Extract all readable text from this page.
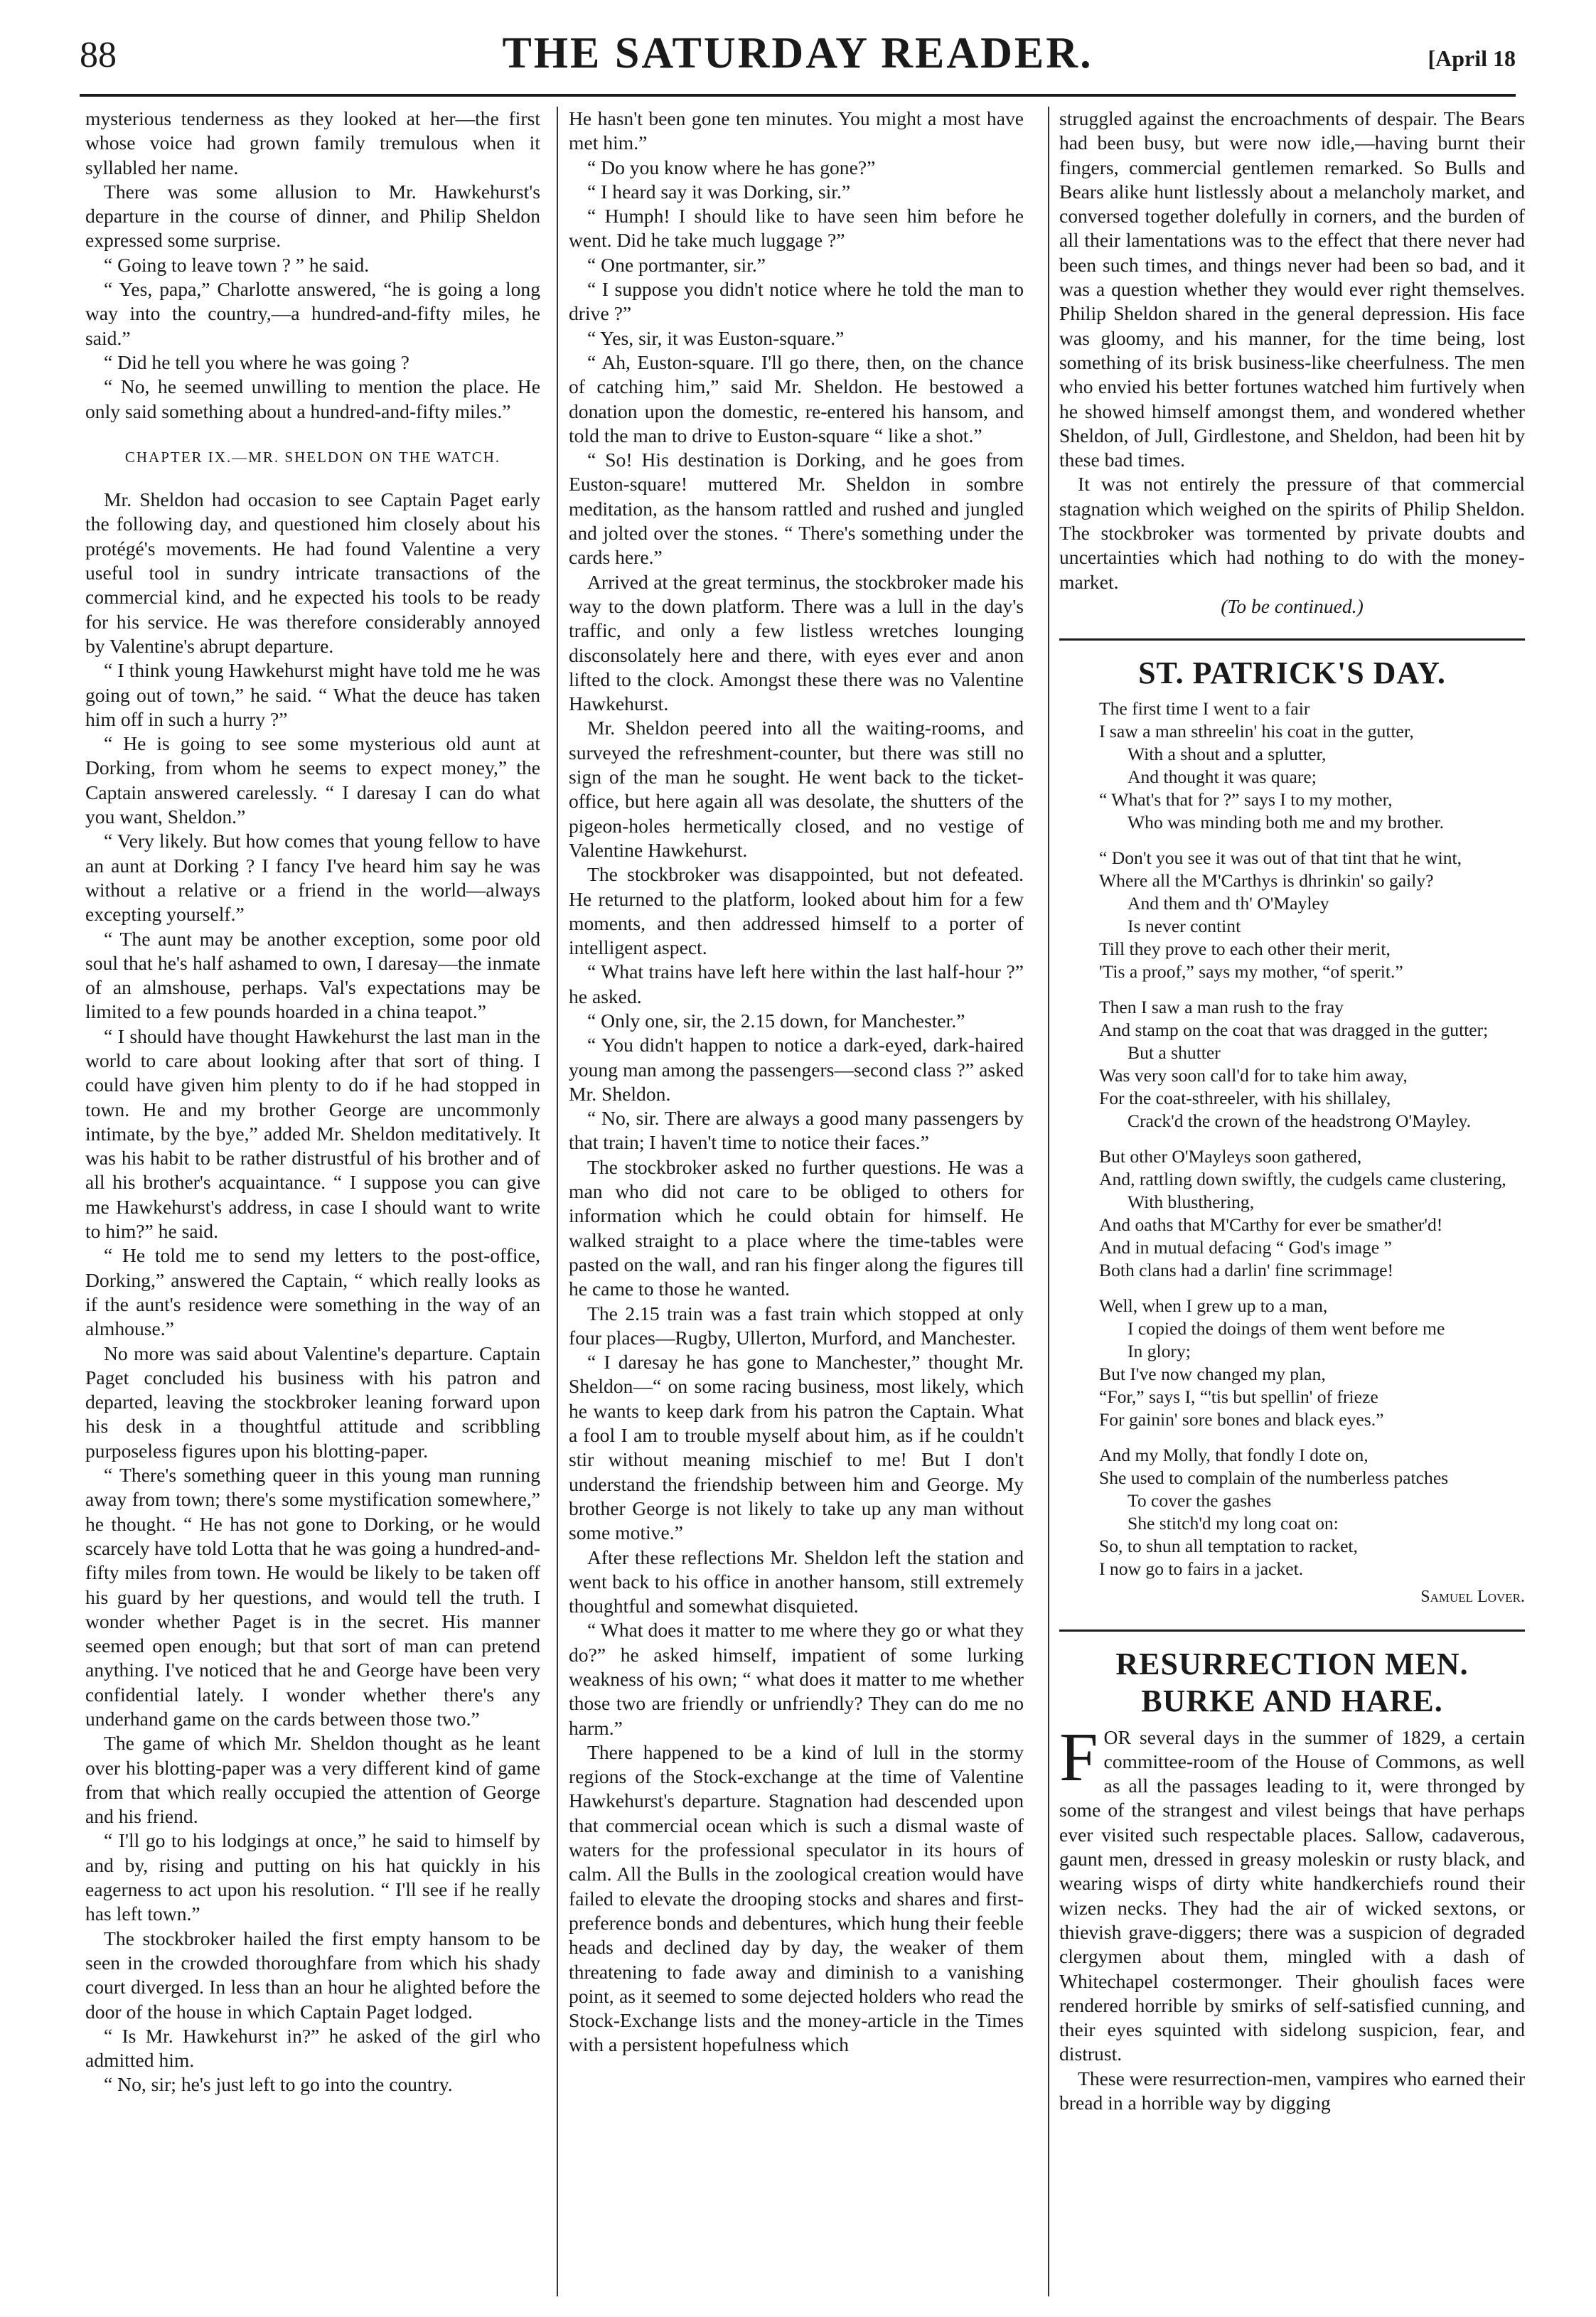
88	THE SATURDAY READER.	[April 18

mysterious tenderness as they looked at her—the first whose voice had grown family tremulous when it syllabled her name.

There was some allusion to Mr. Hawkehurst's departure in the course of dinner, and Philip Sheldon expressed some surprise.

“ Going to leave town ? ” he said.

“ Yes, papa,” Charlotte answered, “he is going a long way into the country,—a hundred-and-fifty miles, he said.”

“ Did he tell you where he was going ?

“ No, he seemed unwilling to mention the place. He only said something about a hundred-and-fifty miles.”

CHAPTER IX.—MR. SHELDON ON THE WATCH.

Mr. Sheldon had occasion to see Captain Paget early the following day, and questioned him closely about his protégé's movements. He had found Valentine a very useful tool in sundry intricate transactions of the commercial kind, and he expected his tools to be ready for his service. He was therefore considerably annoyed by Valentine's abrupt departure.

“ I think young Hawkehurst might have told me he was going out of town,” he said. “ What the deuce has taken him off in such a hurry ?”

“ He is going to see some mysterious old aunt at Dorking, from whom he seems to expect money,” the Captain answered carelessly. “ I daresay I can do what you want, Sheldon.”

“ Very likely. But how comes that young fellow to have an aunt at Dorking ? I fancy I've heard him say he was without a relative or a friend in the world—always excepting yourself.”

“ The aunt may be another exception, some poor old soul that he's half ashamed to own, I daresay—the inmate of an almshouse, perhaps. Val's expectations may be limited to a few pounds hoarded in a china teapot.”

“ I should have thought Hawkehurst the last man in the world to care about looking after that sort of thing. I could have given him plenty to do if he had stopped in town. He and my brother George are uncommonly intimate, by the bye,” added Mr. Sheldon meditatively. It was his habit to be rather distrustful of his brother and of all his brother's acquaintance. “ I suppose you can give me Hawkehurst's address, in case I should want to write to him?” he said.

“ He told me to send my letters to the post-office, Dorking,” answered the Captain, “ which really looks as if the aunt's residence were something in the way of an almhouse.”

No more was said about Valentine's departure. Captain Paget concluded his business with his patron and departed, leaving the stockbroker leaning forward upon his desk in a thoughtful attitude and scribbling purposeless figures upon his blotting-paper.

“ There's something queer in this young man running away from town; there's some mystification somewhere,” he thought. “ He has not gone to Dorking, or he would scarcely have told Lotta that he was going a hundred-and-fifty miles from town. He would be likely to be taken off his guard by her questions, and would tell the truth. I wonder whether Paget is in the secret. His manner seemed open enough; but that sort of man can pretend anything. I've noticed that he and George have been very confidential lately. I wonder whether there's any underhand game on the cards between those two.”

The game of which Mr. Sheldon thought as he leant over his blotting-paper was a very different kind of game from that which really occupied the attention of George and his friend.

“ I'll go to his lodgings at once,” he said to himself by and by, rising and putting on his hat quickly in his eagerness to act upon his resolution. “ I'll see if he really has left town.”

The stockbroker hailed the first empty hansom to be seen in the crowded thoroughfare from which his shady court diverged. In less than an hour he alighted before the door of the house in which Captain Paget lodged.

“ Is Mr. Hawkehurst in?” he asked of the girl who admitted him.

“ No, sir; he's just left to go into the country.

He hasn't been gone ten minutes. You might a most have met him.”

“ Do you know where he has gone?”

“ I heard say it was Dorking, sir.”

“ Humph! I should like to have seen him before he went. Did he take much luggage ?”

“ One portmanter, sir.”

“ I suppose you didn't notice where he told the man to drive ?”

“ Yes, sir, it was Euston-square.”

“ Ah, Euston-square. I'll go there, then, on the chance of catching him,” said Mr. Sheldon. He bestowed a donation upon the domestic, re-entered his hansom, and told the man to drive to Euston-square “ like a shot.”

“ So! His destination is Dorking, and he goes from Euston-square! muttered Mr. Sheldon in sombre meditation, as the hansom rattled and rushed and jungled and jolted over the stones. “ There's something under the cards here.”

Arrived at the great terminus, the stockbroker made his way to the down platform. There was a lull in the day's traffic, and only a few listless wretches lounging disconsolately here and there, with eyes ever and anon lifted to the clock. Amongst these there was no Valentine Hawkehurst.

Mr. Sheldon peered into all the waiting-rooms, and surveyed the refreshment-counter, but there was still no sign of the man he sought. He went back to the ticket-office, but here again all was desolate, the shutters of the pigeon-holes hermetically closed, and no vestige of Valentine Hawkehurst.

The stockbroker was disappointed, but not defeated. He returned to the platform, looked about him for a few moments, and then addressed himself to a porter of intelligent aspect.

“ What trains have left here within the last half-hour ?” he asked.

“ Only one, sir, the 2.15 down, for Manchester.”

“ You didn't happen to notice a dark-eyed, dark-haired young man among the passengers—second class ?” asked Mr. Sheldon.

“ No, sir. There are always a good many passengers by that train; I haven't time to notice their faces.”

The stockbroker asked no further questions. He was a man who did not care to be obliged to others for information which he could obtain for himself. He walked straight to a place where the time-tables were pasted on the wall, and ran his finger along the figures till he came to those he wanted.

The 2.15 train was a fast train which stopped at only four places—Rugby, Ullerton, Murford, and Manchester.

“ I daresay he has gone to Manchester,” thought Mr. Sheldon—“ on some racing business, most likely, which he wants to keep dark from his patron the Captain. What a fool I am to trouble myself about him, as if he couldn't stir without meaning mischief to me! But I don't understand the friendship between him and George. My brother George is not likely to take up any man without some motive.”

After these reflections Mr. Sheldon left the station and went back to his office in another hansom, still extremely thoughtful and somewhat disquieted.

“ What does it matter to me where they go or what they do?” he asked himself, impatient of some lurking weakness of his own; “ what does it matter to me whether those two are friendly or unfriendly? They can do me no harm.”

There happened to be a kind of lull in the stormy regions of the Stock-exchange at the time of Valentine Hawkehurst's departure. Stagnation had descended upon that commercial ocean which is such a dismal waste of waters for the professional speculator in its hours of calm. All the Bulls in the zoological creation would have failed to elevate the drooping stocks and shares and first-preference bonds and debentures, which hung their feeble heads and declined day by day, the weaker of them threatening to fade away and diminish to a vanishing point, as it seemed to some dejected holders who read the Stock-Exchange lists and the money-article in the Times with a persistent hopefulness which

struggled against the encroachments of despair. The Bears had been busy, but were now idle,—having burnt their fingers, commercial gentlemen remarked. So Bulls and Bears alike hunt listlessly about a melancholy market, and conversed together dolefully in corners, and the burden of all their lamentations was to the effect that there never had been such times, and things never had been so bad, and it was a question whether they would ever right themselves. Philip Sheldon shared in the general depression. His face was gloomy, and his manner, for the time being, lost something of its brisk business-like cheerfulness. The men who envied his better fortunes watched him furtively when he showed himself amongst them, and wondered whether Sheldon, of Jull, Girdlestone, and Sheldon, had been hit by these bad times.

It was not entirely the pressure of that commercial stagnation which weighed on the spirits of Philip Sheldon. The stockbroker was tormented by private doubts and uncertainties which had nothing to do with the money-market.

(To be continued.)

ST. PATRICK'S DAY.
The first time I went to a fair
I saw a man sthreelin' his coat in the gutter,
With a shout and a splutter,
And thought it was quare;
“ What's that for ?” says I to my mother,
Who was minding both me and my brother.
“ Don't you see it was out of that tint that he wint,
Where all the M'Carthys is dhrinkin' so gaily?
And them and th' O'Mayley
Is never contint
Till they prove to each other their merit,
'Tis a proof,” says my mother, “of sperit.”
Then I saw a man rush to the fray
And stamp on the coat that was dragged in the gutter;
But a shutter
Was very soon call'd for to take him away,
For the coat-sthreeler, with his shillaley,
Crack'd the crown of the headstrong O'Mayley.
But other O'Mayleys soon gathered,
And, rattling down swiftly, the cudgels came clustering,
With blusthering,
And oaths that M'Carthy for ever be smather'd!
And in mutual defacing “ God's image ”
Both clans had a darlin' fine scrimmage!
Well, when I grew up to a man,
I copied the doings of them went before me
In glory;
But I've now changed my plan,
“For,” says I, “'tis but spellin' of frieze
For gainin' sore bones and black eyes.”
And my Molly, that fondly I dote on,
She used to complain of the numberless patches
To cover the gashes
She stitch'd my long coat on:
So, to shun all temptation to racket,
I now go to fairs in a jacket.

Samuel Lover.

RESURRECTION MEN. BURKE AND HARE.

FOR several days in the summer of 1829, a certain committee-room of the House of Commons, as well as all the passages leading to it, were thronged by some of the strangest and vilest beings that have perhaps ever visited such respectable places. Sallow, cadaverous, gaunt men, dressed in greasy moleskin or rusty black, and wearing wisps of dirty white handkerchiefs round their wizen necks. They had the air of wicked sextons, or thievish grave-diggers; there was a suspicion of degraded clergymen about them, mingled with a dash of Whitechapel costermonger. Their ghoulish faces were rendered horrible by smirks of self-satisfied cunning, and their eyes squinted with sidelong suspicion, fear, and distrust.

These were resurrection-men, vampires who earned their bread in a horrible way by digging
